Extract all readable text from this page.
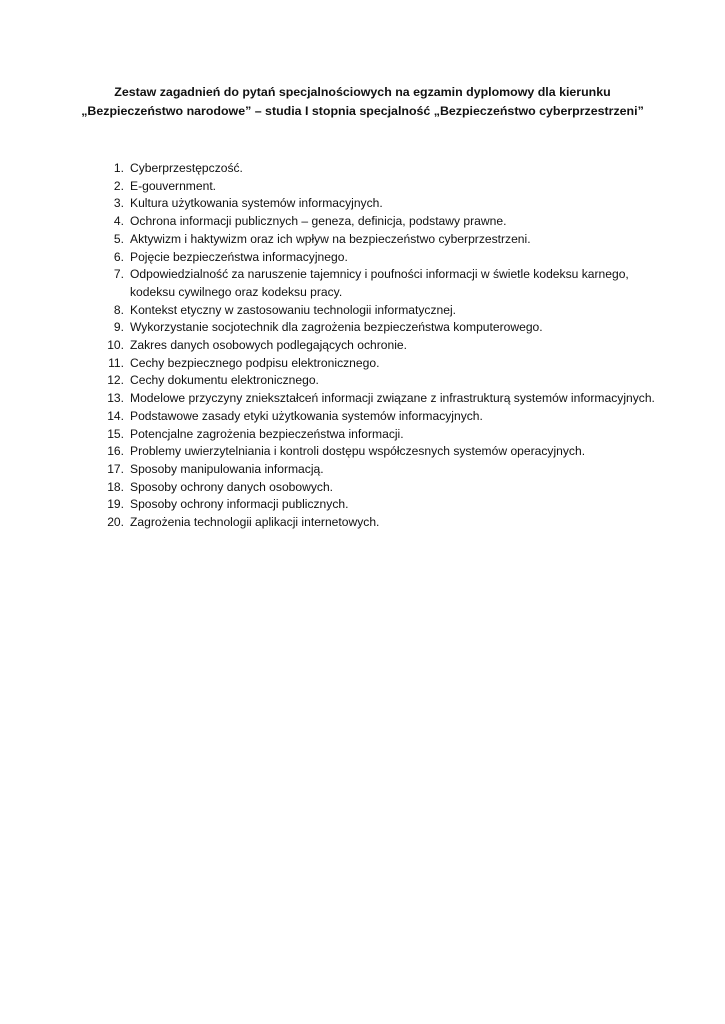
Zestaw zagadnień do pytań specjalnościowych na egzamin dyplomowy dla kierunku
„Bezpieczeństwo narodowe” – studia I stopnia specjalność „Bezpieczeństwo cyberprzestrzeni”
1. Cyberprzestępczość.
2. E-gouvernment.
3. Kultura użytkowania systemów informacyjnych.
4. Ochrona informacji publicznych – geneza, definicja, podstawy prawne.
5. Aktywizm i haktywizm oraz ich wpływ na bezpieczeństwo cyberprzestrzeni.
6. Pojęcie bezpieczeństwa informacyjnego.
7. Odpowiedzialność za naruszenie tajemnicy i poufności informacji w świetle kodeksu karnego, kodeksu cywilnego oraz kodeksu pracy.
8. Kontekst etyczny w zastosowaniu technologii informatycznej.
9. Wykorzystanie socjotechnik dla zagrożenia bezpieczeństwa komputerowego.
10. Zakres danych osobowych podlegających ochronie.
11. Cechy bezpiecznego podpisu elektronicznego.
12. Cechy dokumentu elektronicznego.
13. Modelowe przyczyny zniekształceń informacji związane z infrastrukturą systemów informacyjnych.
14. Podstawowe zasady etyki użytkowania systemów informacyjnych.
15. Potencjalne zagrożenia bezpieczeństwa informacji.
16. Problemy uwierzytelniania i kontroli dostępu współczesnych systemów operacyjnych.
17. Sposoby manipulowania informacją.
18. Sposoby ochrony danych osobowych.
19. Sposoby ochrony informacji publicznych.
20. Zagrożenia technologii aplikacji internetowych.
